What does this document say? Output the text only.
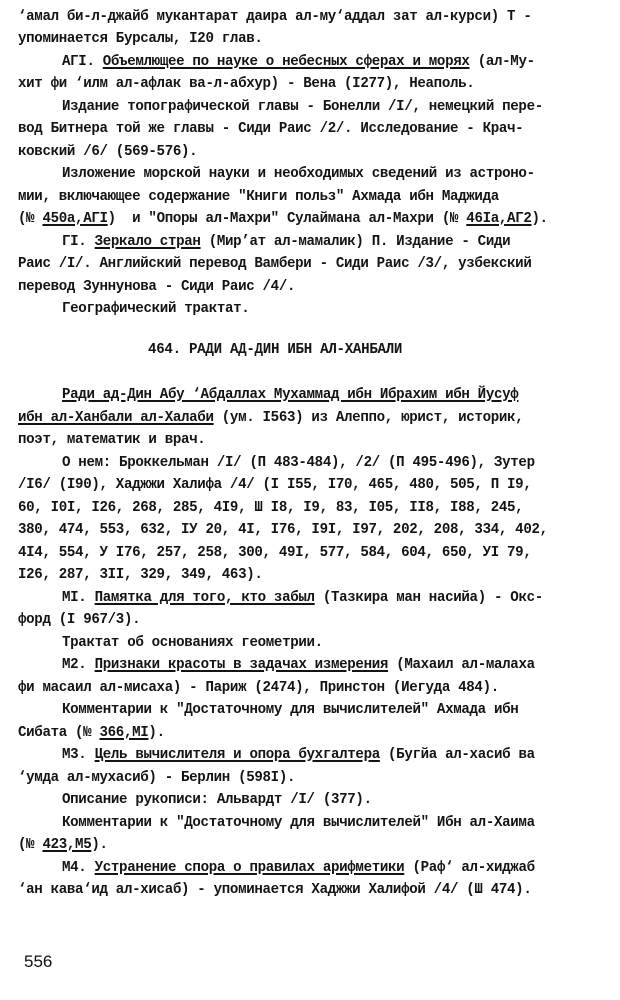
‘амал би-л-джайб мукантарат даира ал-му‘аддал зат ал-курси) Т -
упоминается Бурсалы, I20 глав.
АГI. Объемлющее по науке о небесных сферах и морях (ал-Му-
хит фи ‘илм ал-афлак ва-л-абхур) - Вена (I277), Неаполь.
Издание топографической главы - Бонелли /I/, немецкий пере-
вод Битнера той же главы - Сиди Раис /2/. Исследование - Крач-
ковский /6/ (569-576).
Изложение морской науки и необходимых сведений из астроно-
мии, включающее содержание "Книги польз" Ахмада ибн Маджида
(№ 450а,АГI)  и "Опоры ал-Махри" Сулаймана ал-Махри (№ 46Iа,АГ2).
ГI. Зеркало стран (Мир’ат ал-мамалик) П. Издание - Сиди
Раис /I/. Английский перевод Вамбери - Сиди Раис /3/, узбекский
перевод Зуннунова - Сиди Раис /4/.
Географический трактат.
464. РАДИ АД-ДИН ИБН АЛ-ХАНБАЛИ
Ради ад-Дин Абу ‘Абдаллах Мухаммад ибн Ибрахим ибн Йусуф
ибн ал-Ханбали ал-Халаби (ум. I563) из Алеппо, юрист, историк,
поэт, математик и врач.
О нем: Броккельман /I/ (П 483-484), /2/ (П 495-496), Зутер
/I6/ (I90), Хаджжи Халифа /4/ (I I55, I70, 465, 480, 505, П I9,
60, I0I, I26, 268, 285, 4I9, Ш I8, I9, 83, I05, II8, I88, 245,
380, 474, 553, 632, IУ 20, 4I, I76, I9I, I97, 202, 208, 334, 402,
4I4, 554, У I76, 257, 258, 300, 49I, 577, 584, 604, 650, УI 79,
I26, 287, 3II, 329, 349, 463).
МI. Памятка для того, кто забыл (Тазкира ман насийа) - Окс-
форд (I 967/3).
Трактат об основаниях геометрии.
М2. Признаки красоты в задачах измерения (Махаил ал-малаха
фи масаил ал-мисаха) - Париж (2474), Принстон (Иегуда 484).
Комментарии к "Достаточному для вычислителей" Ахмада ибн
Сибата (№ 366,МI).
М3. Цель вычислителя и опора бухгалтера (Бугйа ал-хасиб ва
‘умда ал-мухасиб) - Берлин (598I).
Описание рукописи: Альвардт /I/ (377).
Комментарии к "Достаточному для вычислителей" Ибн ал-Хаима
(№ 423,М5).
М4. Устранение спора о правилах арифметики (Раф‘ ал-хиджаб
‘ан кава‘ид ал-хисаб) - упоминается Хаджжи Халифой /4/ (Ш 474).
556
